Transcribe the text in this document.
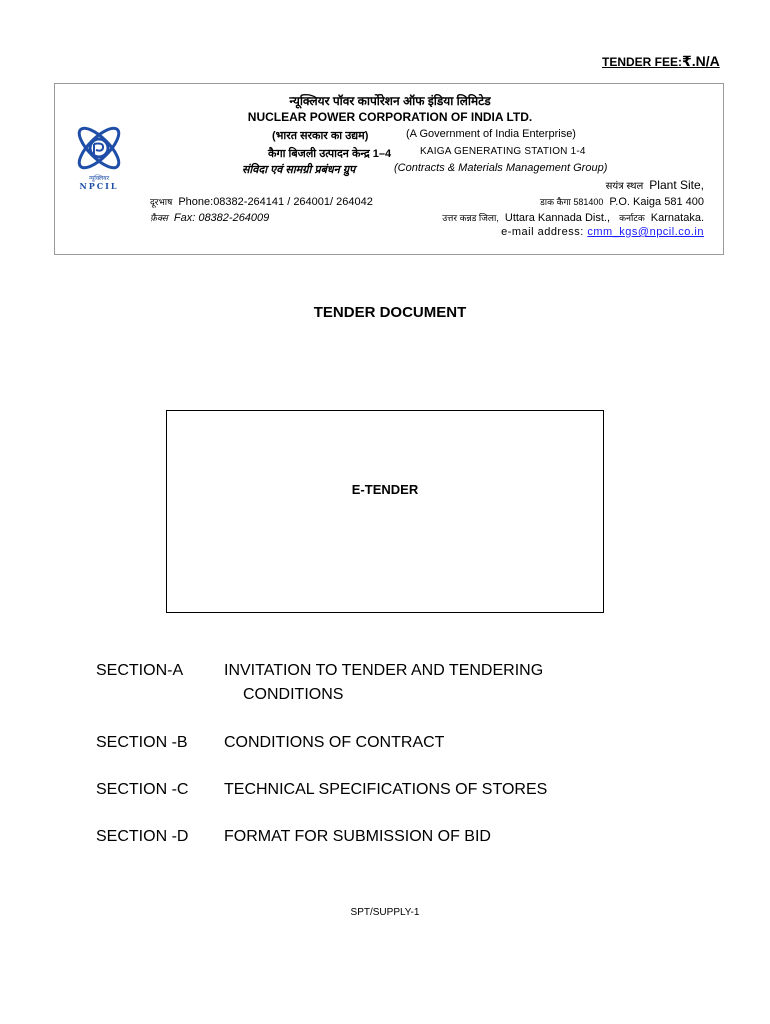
TENDER FEE:₹.N/A
न्यूक्लियर
NPCIL
न्यूक्लियर पॉवर कार्पोरेशन ऑफ इंडिया लिमिटेड
NUCLEAR POWER CORPORATION OF INDIA LTD.
(भारत सरकार का उद्यम)	(A Government of India Enterprise)
कैगा बिजली उत्पादन केन्द्र 1–4	KAIGA GENERATING STATION 1-4
संविदा एवं सामग्री प्रबंधन ग्रुप	(Contracts & Materials Management Group)
सयंत्र स्थल Plant Site,
दूरभाष Phone:08382-264141 / 264001/ 264042
फ़ैक्स Fax: 08382-264009
डाक कैगा 581400 P.O. Kaiga 581 400
उत्तर कन्नड जिला, Uttara Kannada Dist., कर्नाटक Karnataka.
e-mail address: cmm_kgs@npcil.co.in
TENDER DOCUMENT
E-TENDER
SECTION-A	INVITATION TO TENDER AND TENDERING
CONDITIONS
SECTION -B CONDITIONS OF CONTRACT
SECTION -C TECHNICAL SPECIFICATIONS OF STORES
SECTION -D FORMAT FOR SUBMISSION OF BID
SPT/SUPPLY-1
